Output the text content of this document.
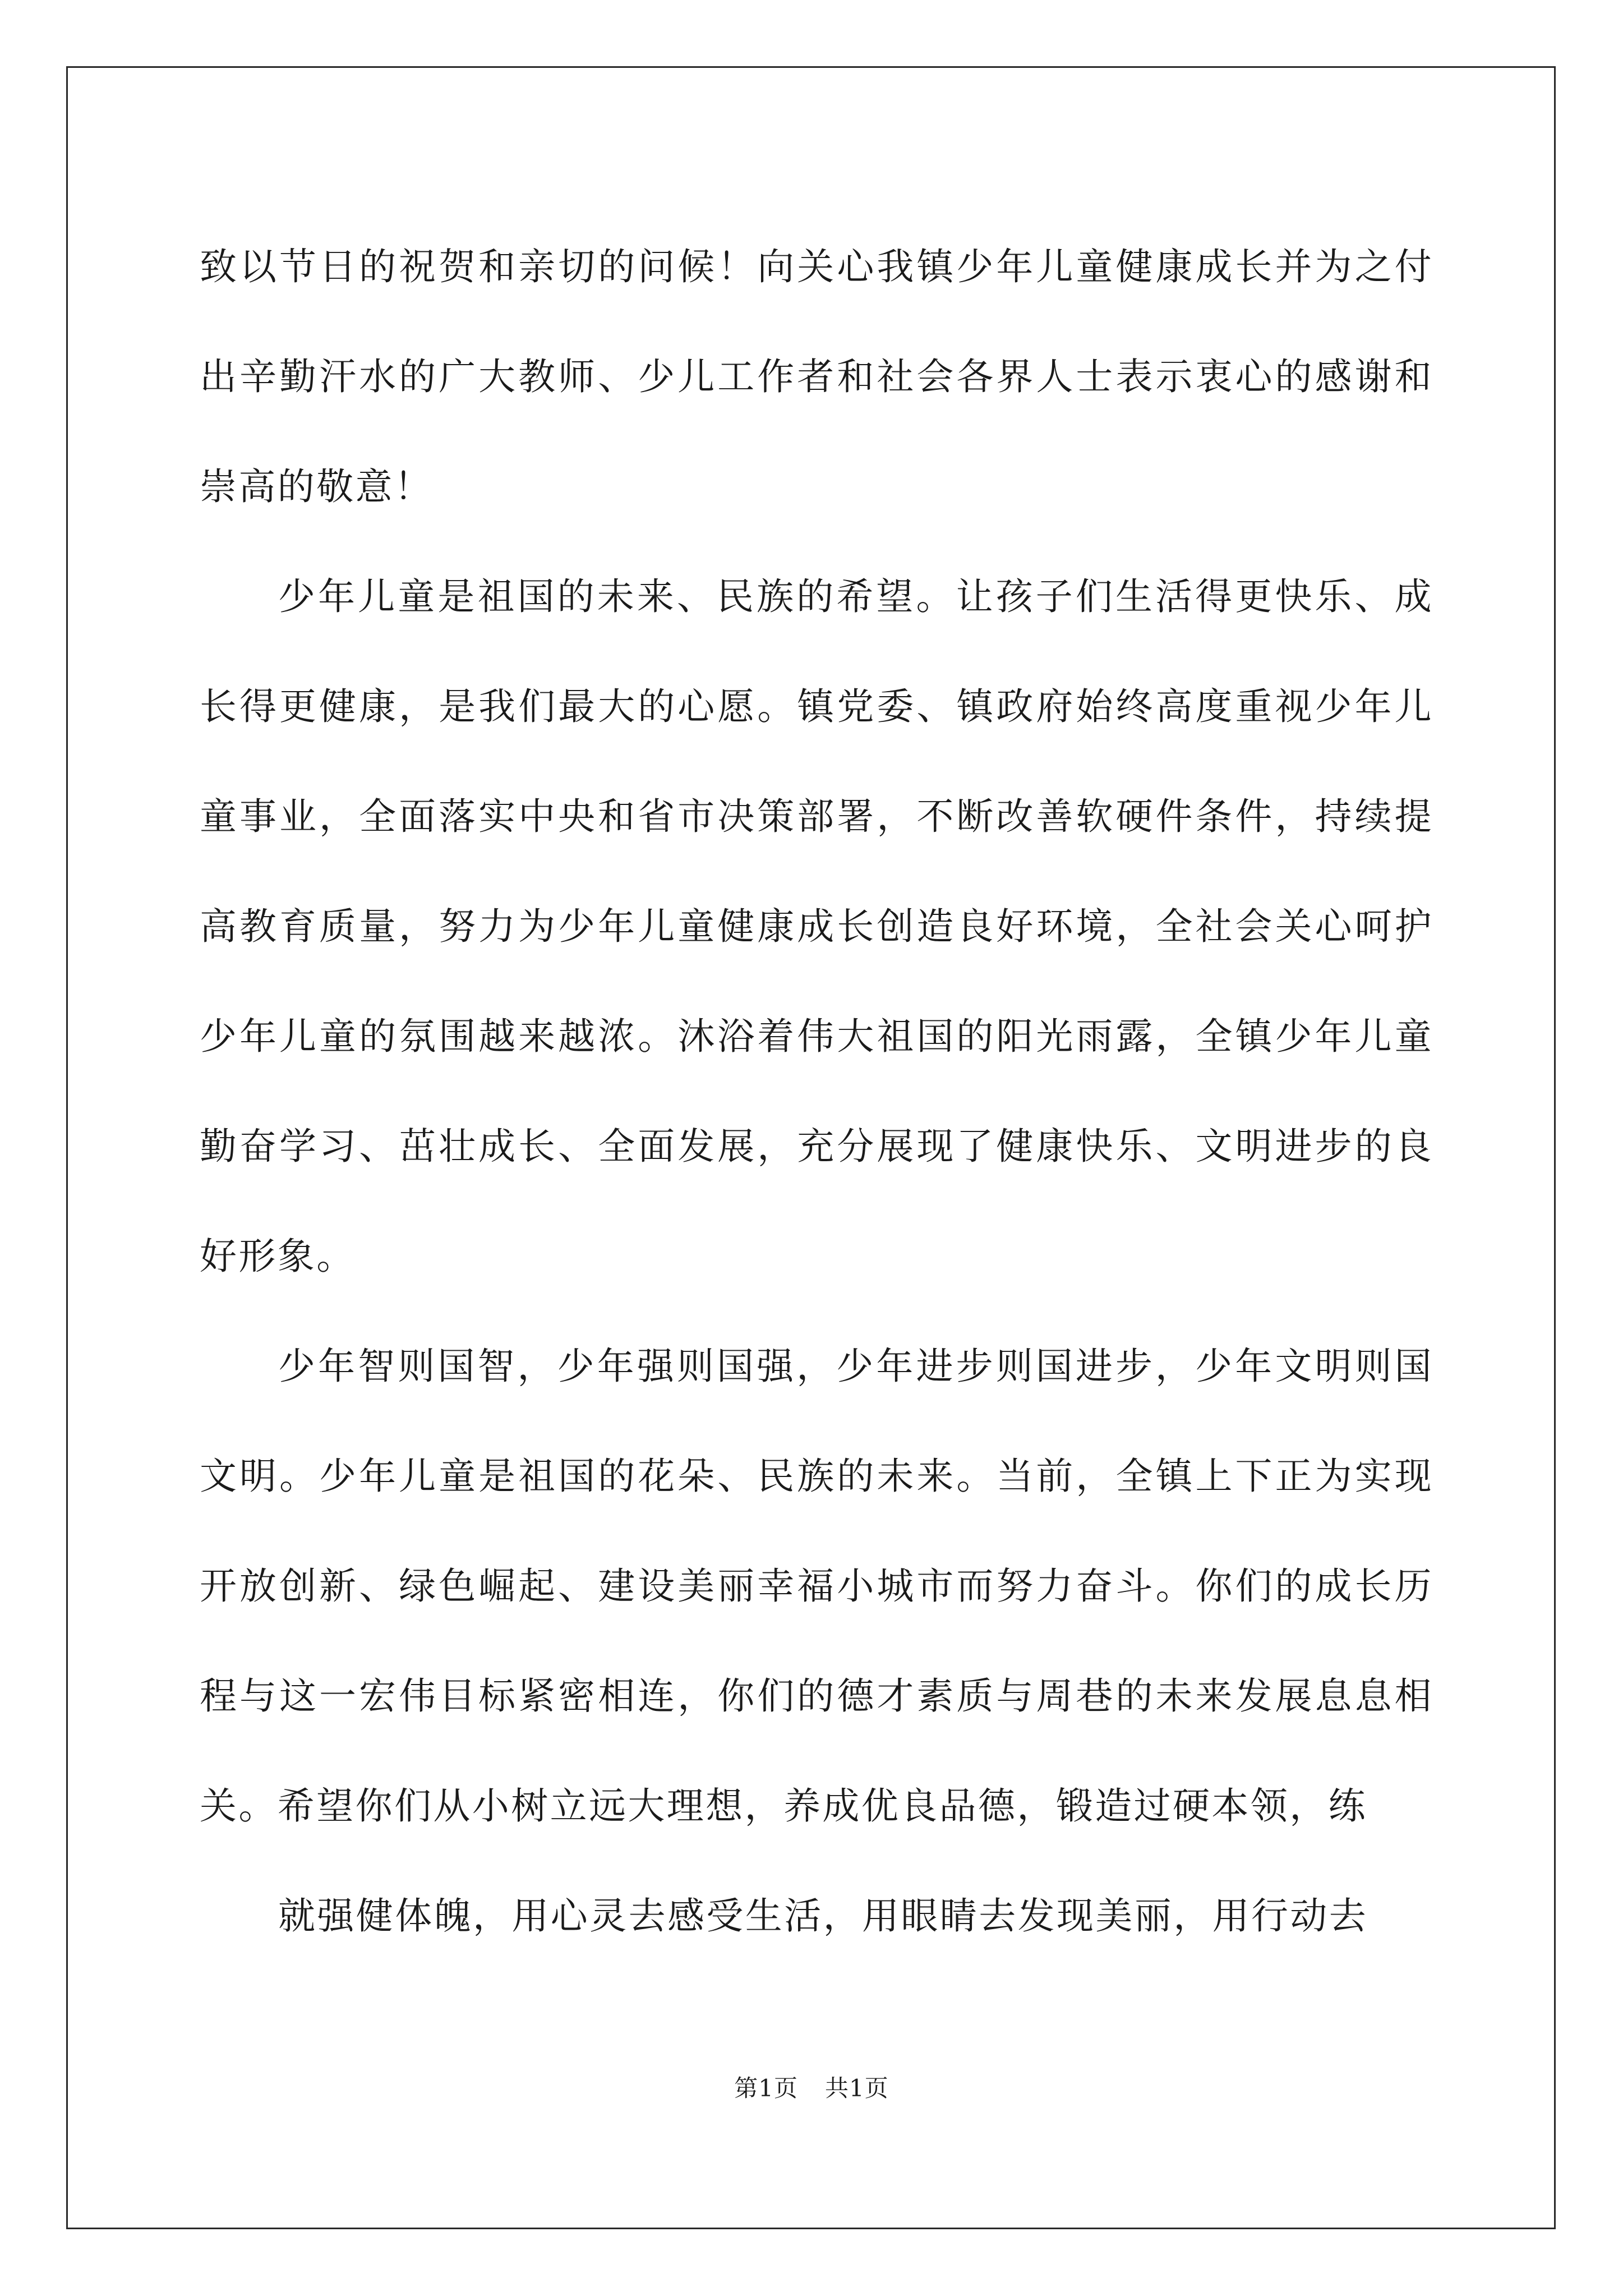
致以节日的祝贺和亲切的问候！向关心我镇少年儿童健康成长并为之付出辛勤汗水的广大教师、少儿工作者和社会各界人士表示衷心的感谢和崇高的敬意！

少年儿童是祖国的未来、民族的希望。让孩子们生活得更快乐、成长得更健康，是我们最大的心愿。镇党委、镇政府始终高度重视少年儿童事业，全面落实中央和省市决策部署，不断改善软硬件条件，持续提高教育质量，努力为少年儿童健康成长创造良好环境，全社会关心呵护少年儿童的氛围越来越浓。沐浴着伟大祖国的阳光雨露，全镇少年儿童勤奋学习、茁壮成长、全面发展，充分展现了健康快乐、文明进步的良好形象。

少年智则国智，少年强则国强，少年进步则国进步，少年文明则国文明。少年儿童是祖国的花朵、民族的未来。当前，全镇上下正为实现开放创新、绿色崛起、建设美丽幸福小城市而努力奋斗。你们的成长历程与这一宏伟目标紧密相连，你们的德才素质与周巷的未来发展息息相关。希望你们从小树立远大理想，养成优良品德，锻造过硬本领，练

就强健体魄，用心灵去感受生活，用眼睛去发现美丽，用行动去

第1页 共1页
